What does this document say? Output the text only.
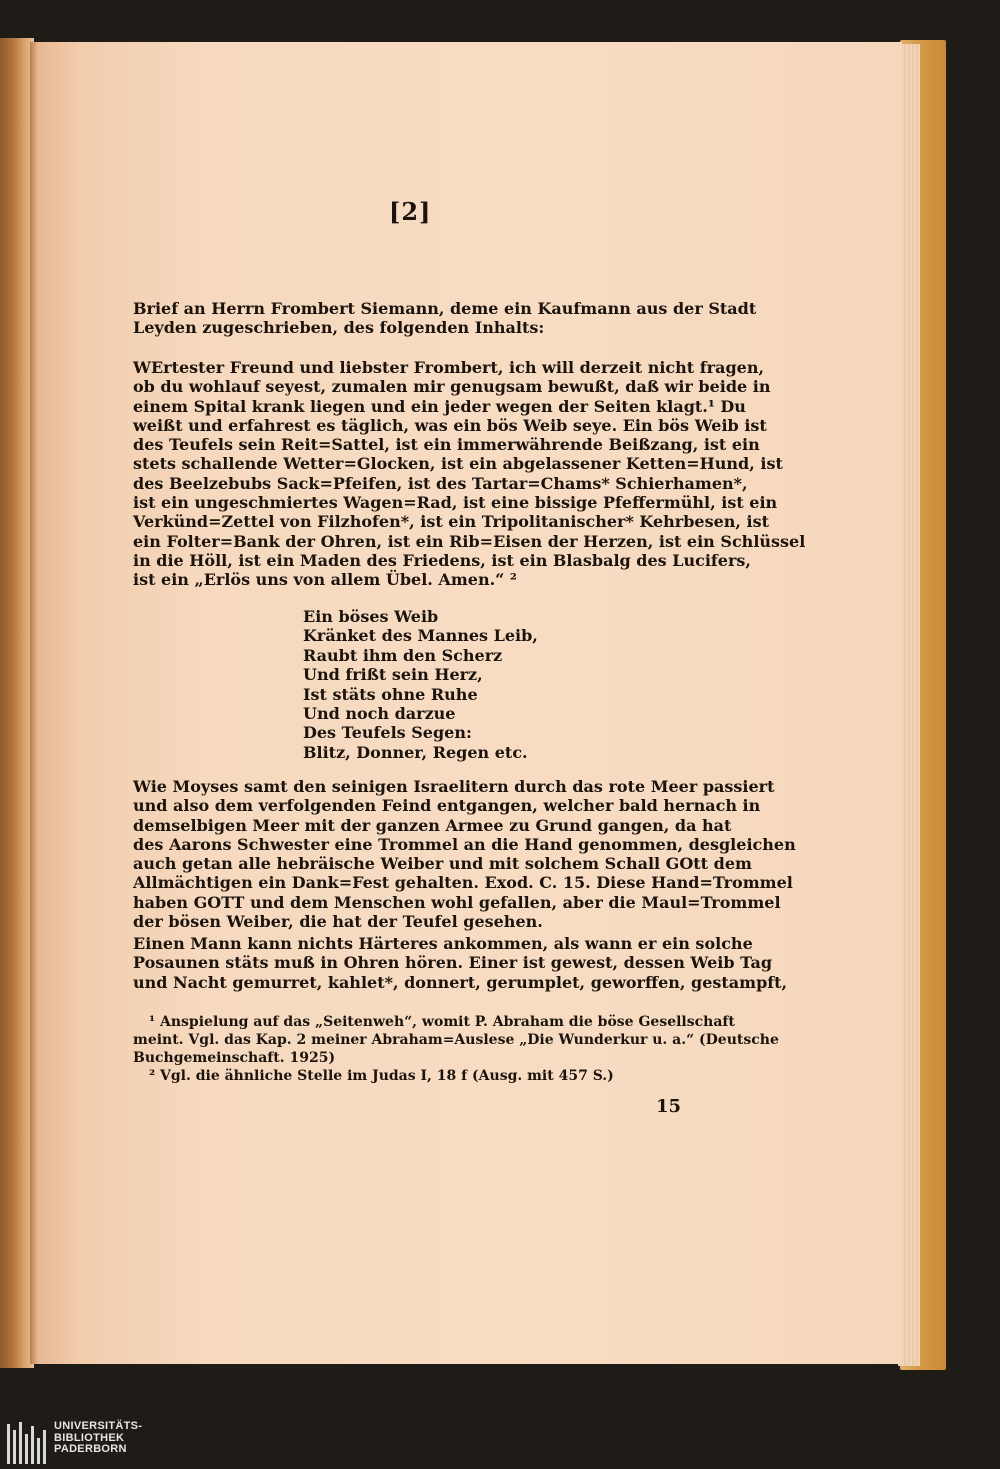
[2]
Brief an Herrn Frombert Siemann, deme ein Kaufmann aus der Stadt
Leyden zugeschrieben, des folgenden Inhalts:
WErtester Freund und liebster Frombert, ich will derzeit nicht fragen,
ob du wohlauf seyest, zumalen mir genugsam bewußt, daß wir beide in
einem Spital krank liegen und ein jeder wegen der Seiten klagt.¹ Du
weißt und erfahrest es täglich, was ein bös Weib seye. Ein bös Weib ist
des Teufels sein Reit=Sattel, ist ein immerwährende Beißzang, ist ein
stets schallende Wetter=Glocken, ist ein abgelassener Ketten=Hund, ist
des Beelzebubs Sack=Pfeifen, ist des Tartar=Chams* Schierhamen*,
ist ein ungeschmiertes Wagen=Rad, ist eine bissige Pfeffermühl, ist ein
Verkünd=Zettel von Filzhofen*, ist ein Tripolitanischer* Kehrbesen, ist
ein Folter=Bank der Ohren, ist ein Rib=Eisen der Herzen, ist ein Schlüssel
in die Höll, ist ein Maden des Friedens, ist ein Blasbalg des Lucifers,
ist ein „Erlös uns von allem Übel. Amen.“ ²
Ein böses Weib
Kränket des Mannes Leib,
Raubt ihm den Scherz
Und frißt sein Herz,
Ist stäts ohne Ruhe
Und noch darzue
Des Teufels Segen:
Blitz, Donner, Regen etc.
Wie Moyses samt den seinigen Israelitern durch das rote Meer passiert
und also dem verfolgenden Feind entgangen, welcher bald hernach in
demselbigen Meer mit der ganzen Armee zu Grund gangen, da hat
des Aarons Schwester eine Trommel an die Hand genommen, desgleichen
auch getan alle hebräische Weiber und mit solchem Schall GOtt dem
Allmächtigen ein Dank=Fest gehalten. Exod. C. 15. Diese Hand=Trommel
haben GOTT und dem Menschen wohl gefallen, aber die Maul=Trommel
der bösen Weiber, die hat der Teufel gesehen.
Einen Mann kann nichts Härteres ankommen, als wann er ein solche
Posaunen stäts muß in Ohren hören. Einer ist gewest, dessen Weib Tag
und Nacht gemurret, kahlet*, donnert, gerumplet, geworffen, gestampft,
¹ Anspielung auf das „Seitenweh“, womit P. Abraham die böse Gesellschaft
meint. Vgl. das Kap. 2 meiner Abraham=Auslese „Die Wunderkur u. a.“ (Deutsche
Buchgemeinschaft. 1925)
² Vgl. die ähnliche Stelle im Judas I, 18 f (Ausg. mit 457 S.)
15
UNIVERSITÄTS-
BIBLIOTHEK
PADERBORN
